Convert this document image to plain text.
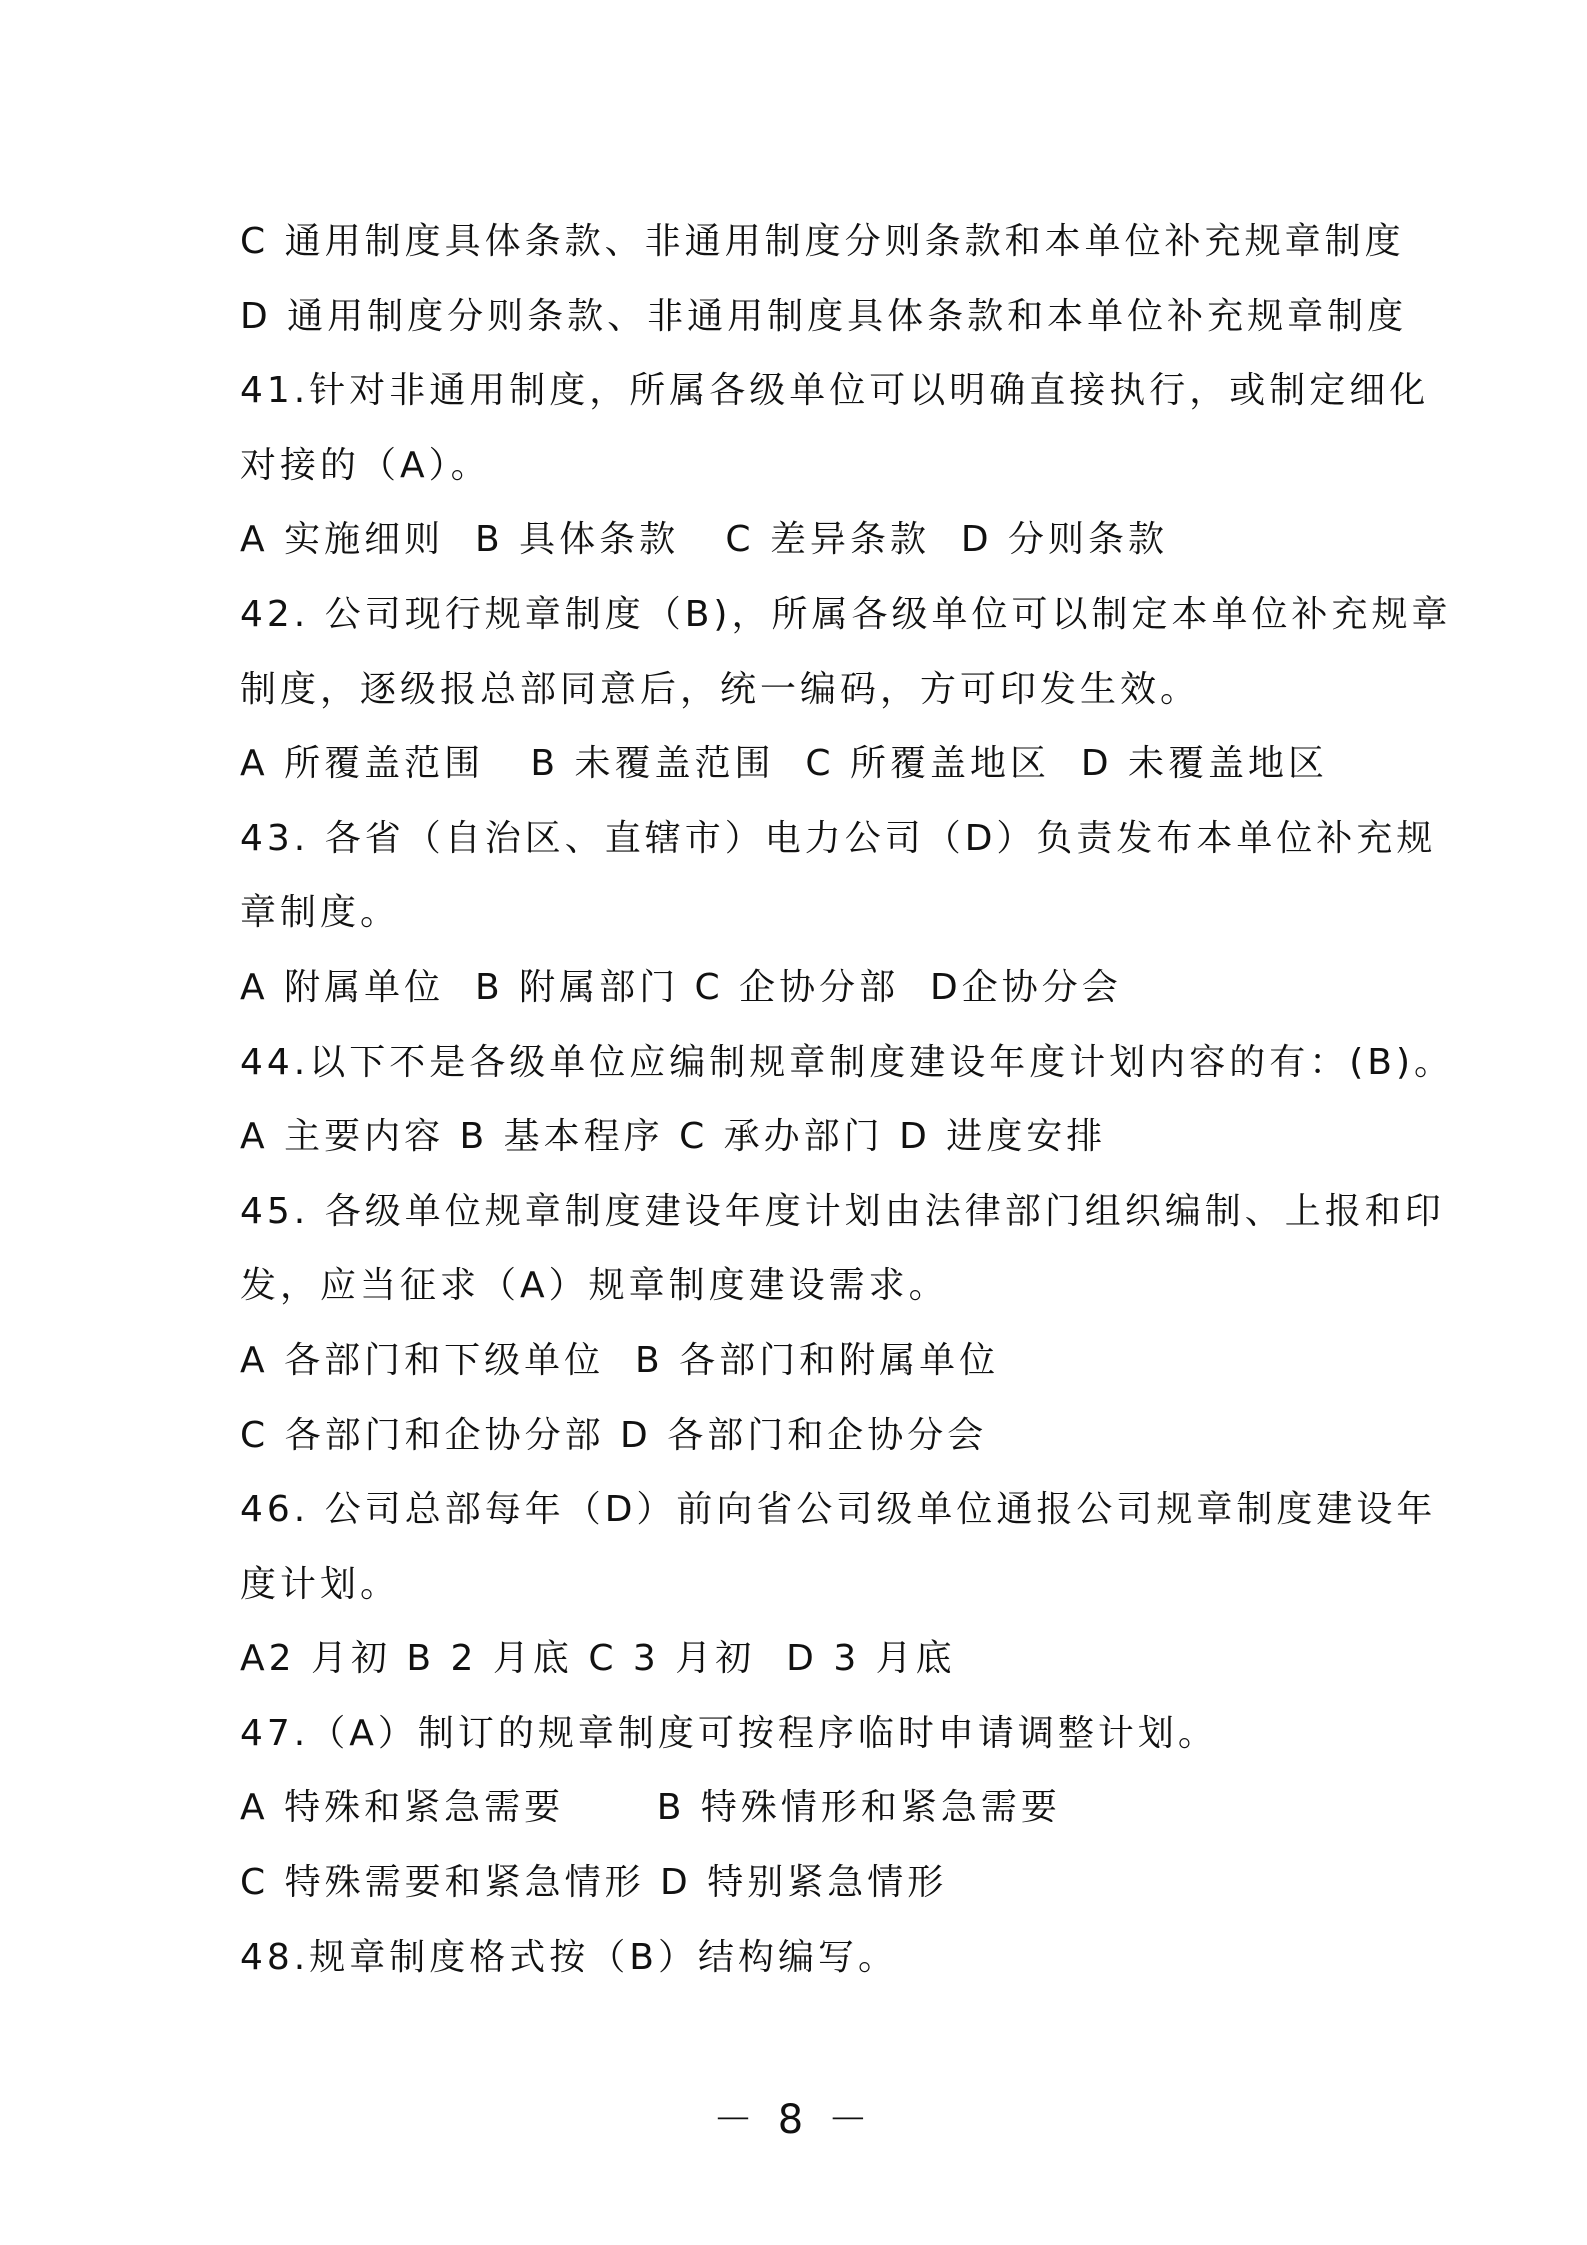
C 通用制度具体条款、非通用制度分则条款和本单位补充规章制度
D 通用制度分则条款、非通用制度具体条款和本单位补充规章制度
41.针对非通用制度，所属各级单位可以明确直接执行，或制定细化
对接的（A）。
A 实施细则  B 具体条款   C 差异条款  D 分则条款
42. 公司现行规章制度（B)，所属各级单位可以制定本单位补充规章
制度，逐级报总部同意后，统一编码，方可印发生效。
A 所覆盖范围   B 未覆盖范围  C 所覆盖地区  D 未覆盖地区
43. 各省（自治区、直辖市）电力公司（D）负责发布本单位补充规
章制度。
A 附属单位  B 附属部门 C 企协分部  D企协分会
44.以下不是各级单位应编制规章制度建设年度计划内容的有：(B)。
A 主要内容 B 基本程序 C 承办部门 D 进度安排
45. 各级单位规章制度建设年度计划由法律部门组织编制、上报和印
发，应当征求（A）规章制度建设需求。
A 各部门和下级单位  B 各部门和附属单位
C 各部门和企协分部 D 各部门和企协分会
46. 公司总部每年（D）前向省公司级单位通报公司规章制度建设年
度计划。
A2 月初 B 2 月底 C 3 月初  D 3 月底
47.（A）制订的规章制度可按程序临时申请调整计划。
A 特殊和紧急需要      B 特殊情形和紧急需要
C 特殊需要和紧急情形 D 特别紧急情形
48.规章制度格式按（B）结构编写。
－ 8 －
